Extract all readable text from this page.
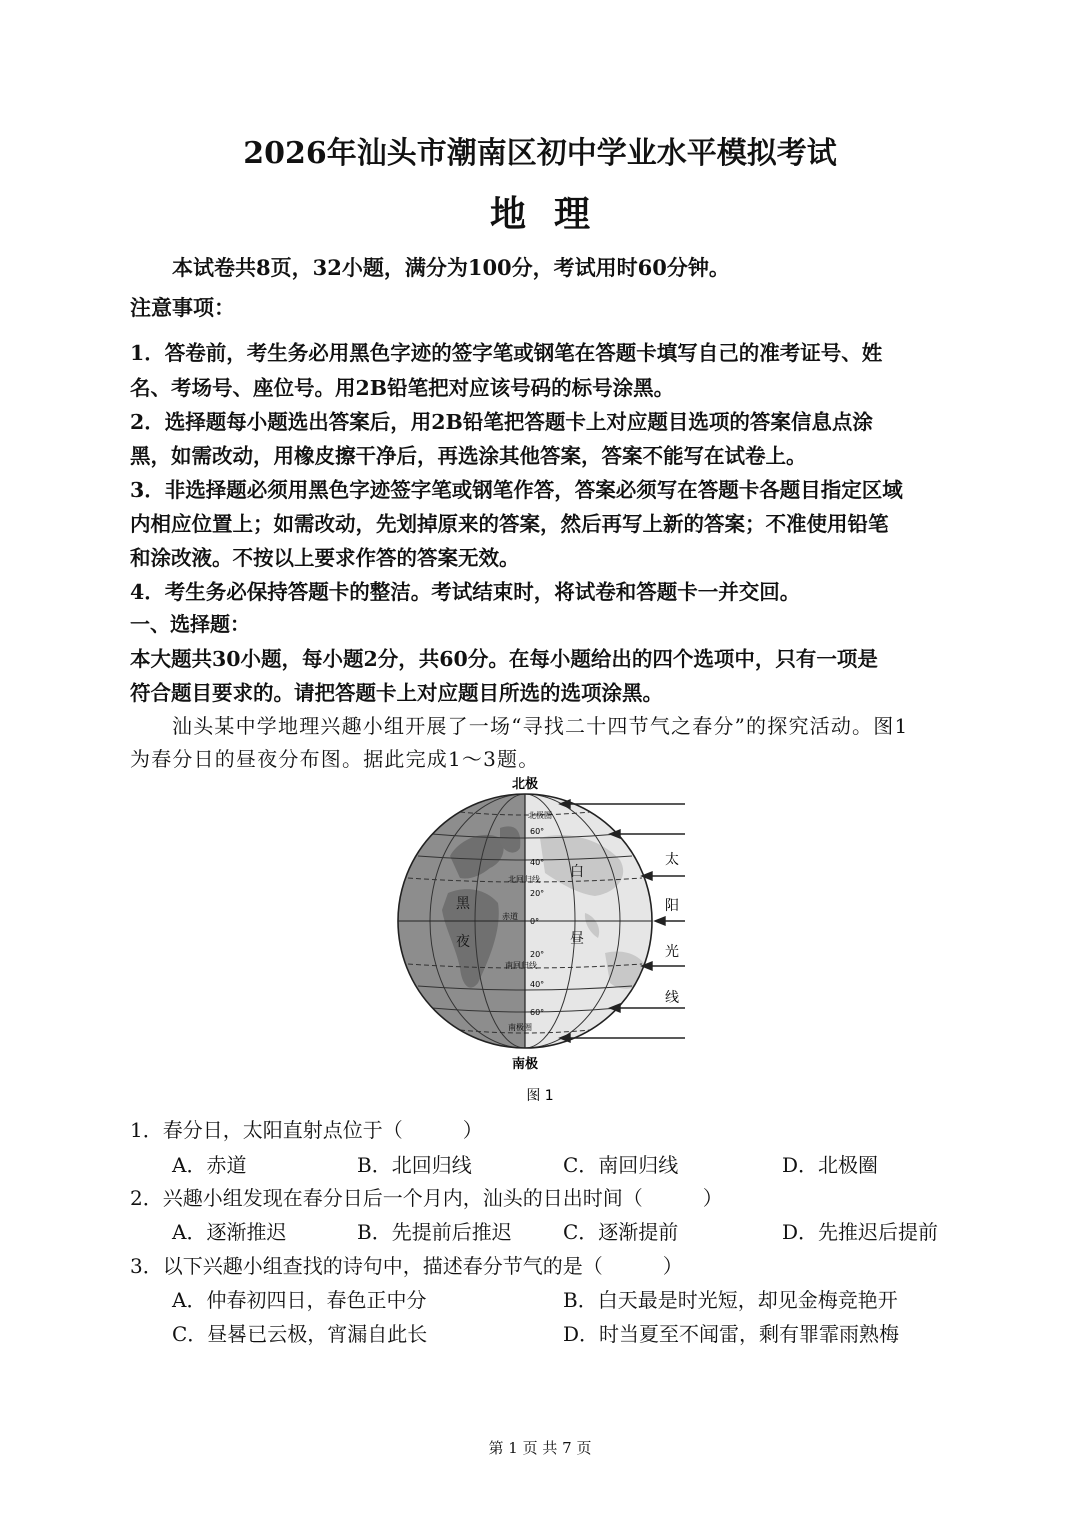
2026年汕头市潮南区初中学业水平模拟考试
地理
本试卷共8页，32小题，满分为100分，考试用时60分钟。
注意事项：
1．答卷前，考生务必用黑色字迹的签字笔或钢笔在答题卡填写自己的准考证号、姓
名、考场号、座位号。用2B铅笔把对应该号码的标号涂黑。
2．选择题每小题选出答案后，用2B铅笔把答题卡上对应题目选项的答案信息点涂
黑，如需改动，用橡皮擦干净后，再选涂其他答案，答案不能写在试卷上。
3．非选择题必须用黑色字迹签字笔或钢笔作答，答案必须写在答题卡各题目指定区域
内相应位置上；如需改动，先划掉原来的答案，然后再写上新的答案；不准使用铅笔
和涂改液。不按以上要求作答的答案无效。
4．考生务必保持答题卡的整洁。考试结束时，将试卷和答题卡一并交回。
一、选择题：
本大题共30小题，每小题2分，共60分。在每小题给出的四个选项中，只有一项是
符合题目要求的。请把答题卡上对应题目所选的选项涂黑。
汕头某中学地理兴趣小组开展了一场“寻找二十四节气之春分”的探究活动。图1
为春分日的昼夜分布图。据此完成1～3题。
北极
南极
北极圈
60°
40°
北回归线
20°
赤道
0°
20°
南回归线
40°
60°
南极圈
黑
夜
白
昼
太
阳
光
线
图 1
1．春分日，太阳直射点位于（　　　）
A．赤道	B．北回归线	C．南回归线	D．北极圈
2．兴趣小组发现在春分日后一个月内，汕头的日出时间（　　　）
A．逐渐推迟	B．先提前后推迟	C．逐渐提前	D．先推迟后提前
3．以下兴趣小组查找的诗句中，描述春分节气的是（　　　）
A．仲春初四日，春色正中分	B．白天最是时光短，却见金梅竞艳开
C．昼晷已云极，宵漏自此长	D．时当夏至不闻雷，剩有罪霏雨熟梅
第 1 页 共 7 页
